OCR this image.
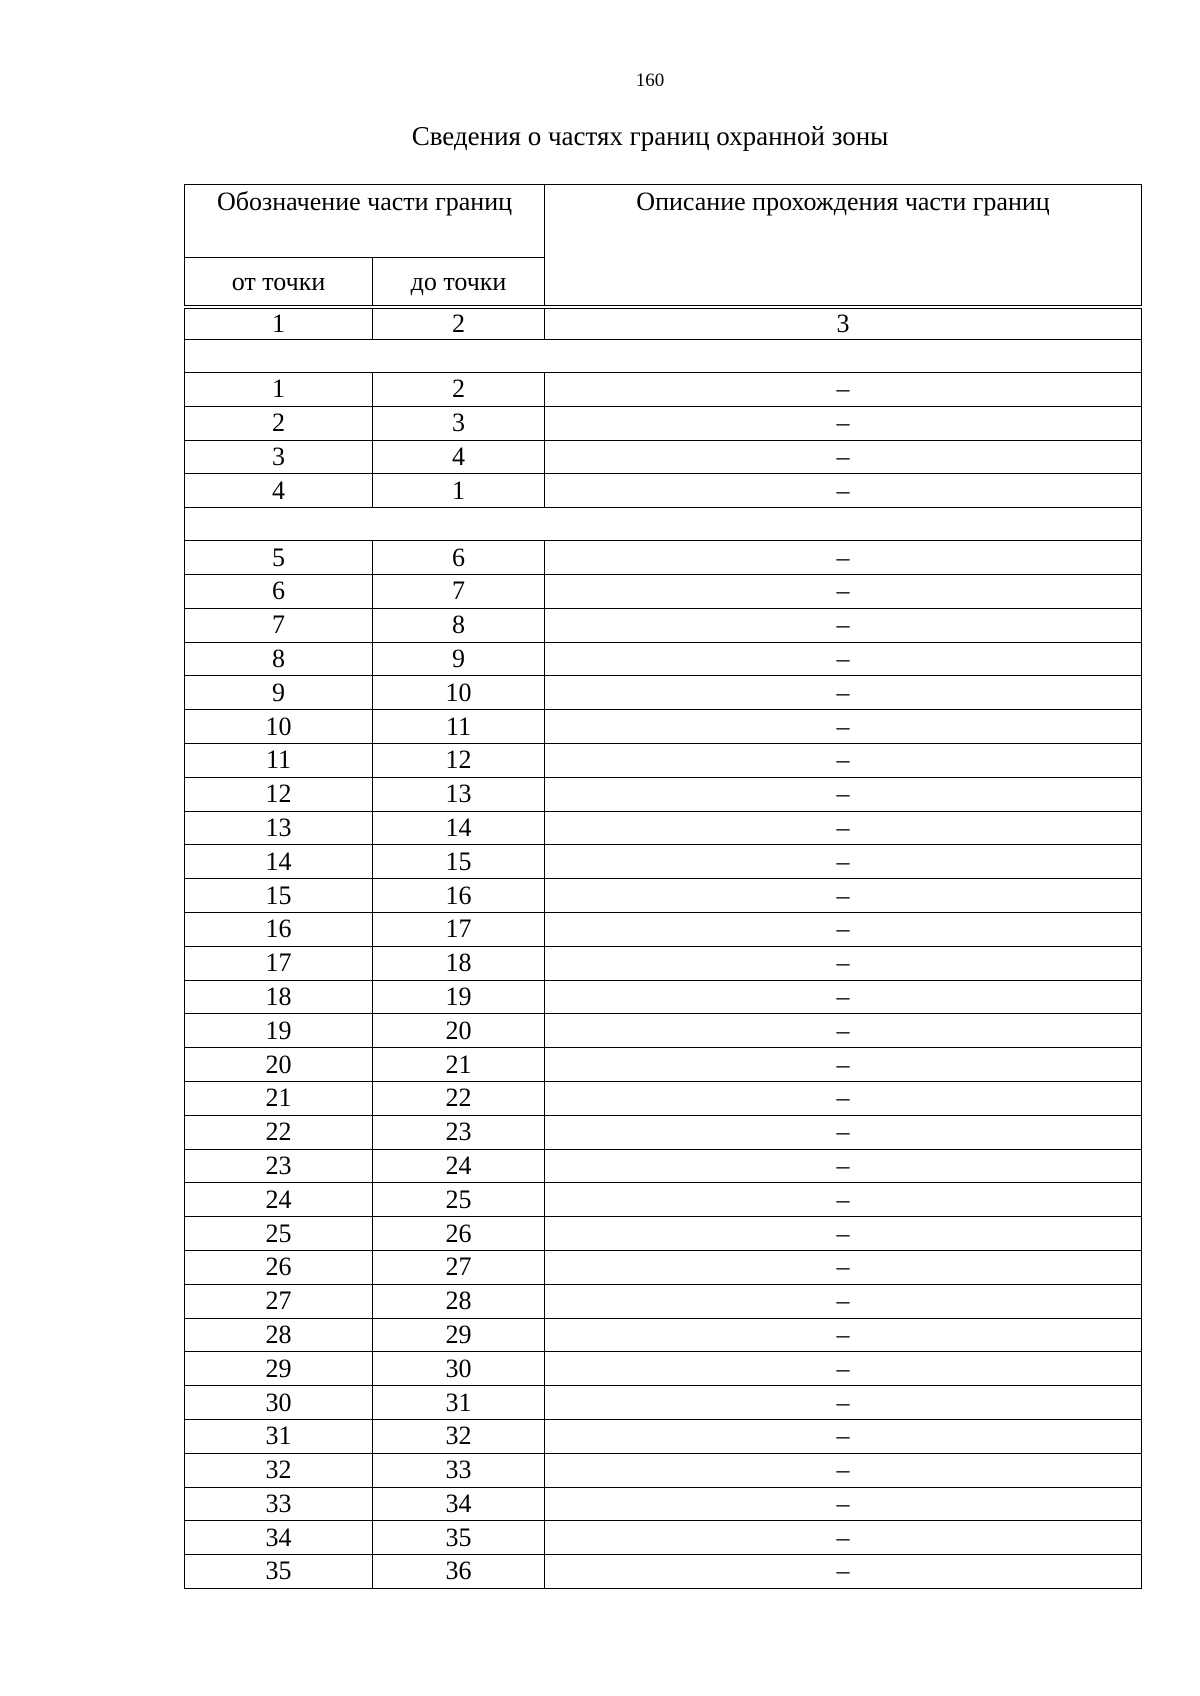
160
Сведения о частях границ охранной зоны
Обозначение части границ		Описание прохождения части границ
от точки	до точки	

1	2	3

1	2	–
2	3	–
3	4	–
4	1	–

5	6	–
6	7	–
7	8	–
8	9	–
9	10	–
10	11	–
11	12	–
12	13	–
13	14	–
14	15	–
15	16	–
16	17	–
17	18	–
18	19	–
19	20	–
20	21	–
21	22	–
22	23	–
23	24	–
24	25	–
25	26	–
26	27	–
27	28	–
28	29	–
29	30	–
30	31	–
31	32	–
32	33	–
33	34	–
34	35	–
35	36	–
